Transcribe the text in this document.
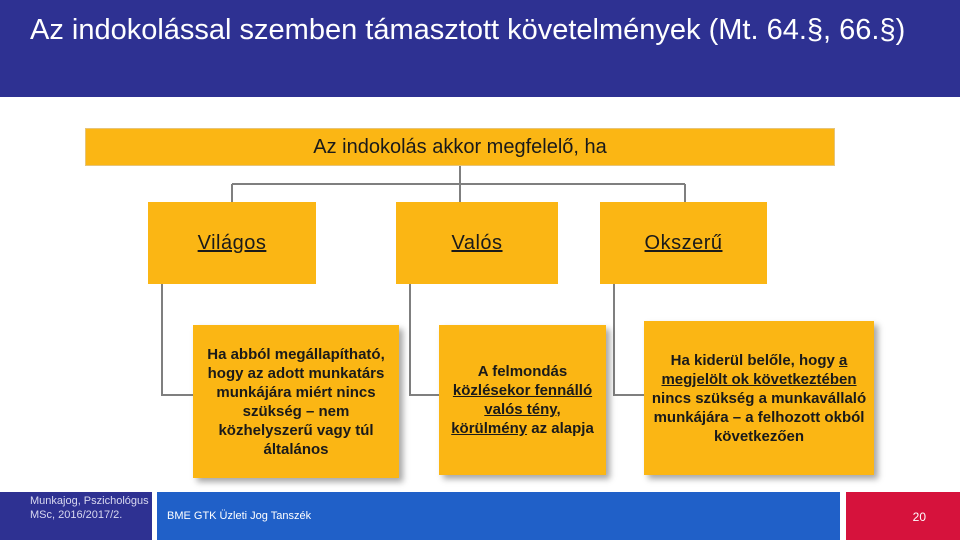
Az indokolással szemben támasztott követelmények (Mt. 64.§, 66.§)
Az indokolás akkor megfelelő, ha
Világos	Valós	Okszerű
Ha abból megállapítható, hogy az adott munkatárs munkájára miért nincs szükség – nem közhelyszerű vagy túl általános
A felmondás közlésekor fennálló valós tény, körülmény az alapja
Ha kiderül belőle, hogy a megjelölt ok következtében nincs szükség a munkavállaló munkájára – a felhozott okból következően
Munkajog, Pszichológus MSc, 2016/2017/2.	BME GTK Üzleti Jog Tanszék	20
